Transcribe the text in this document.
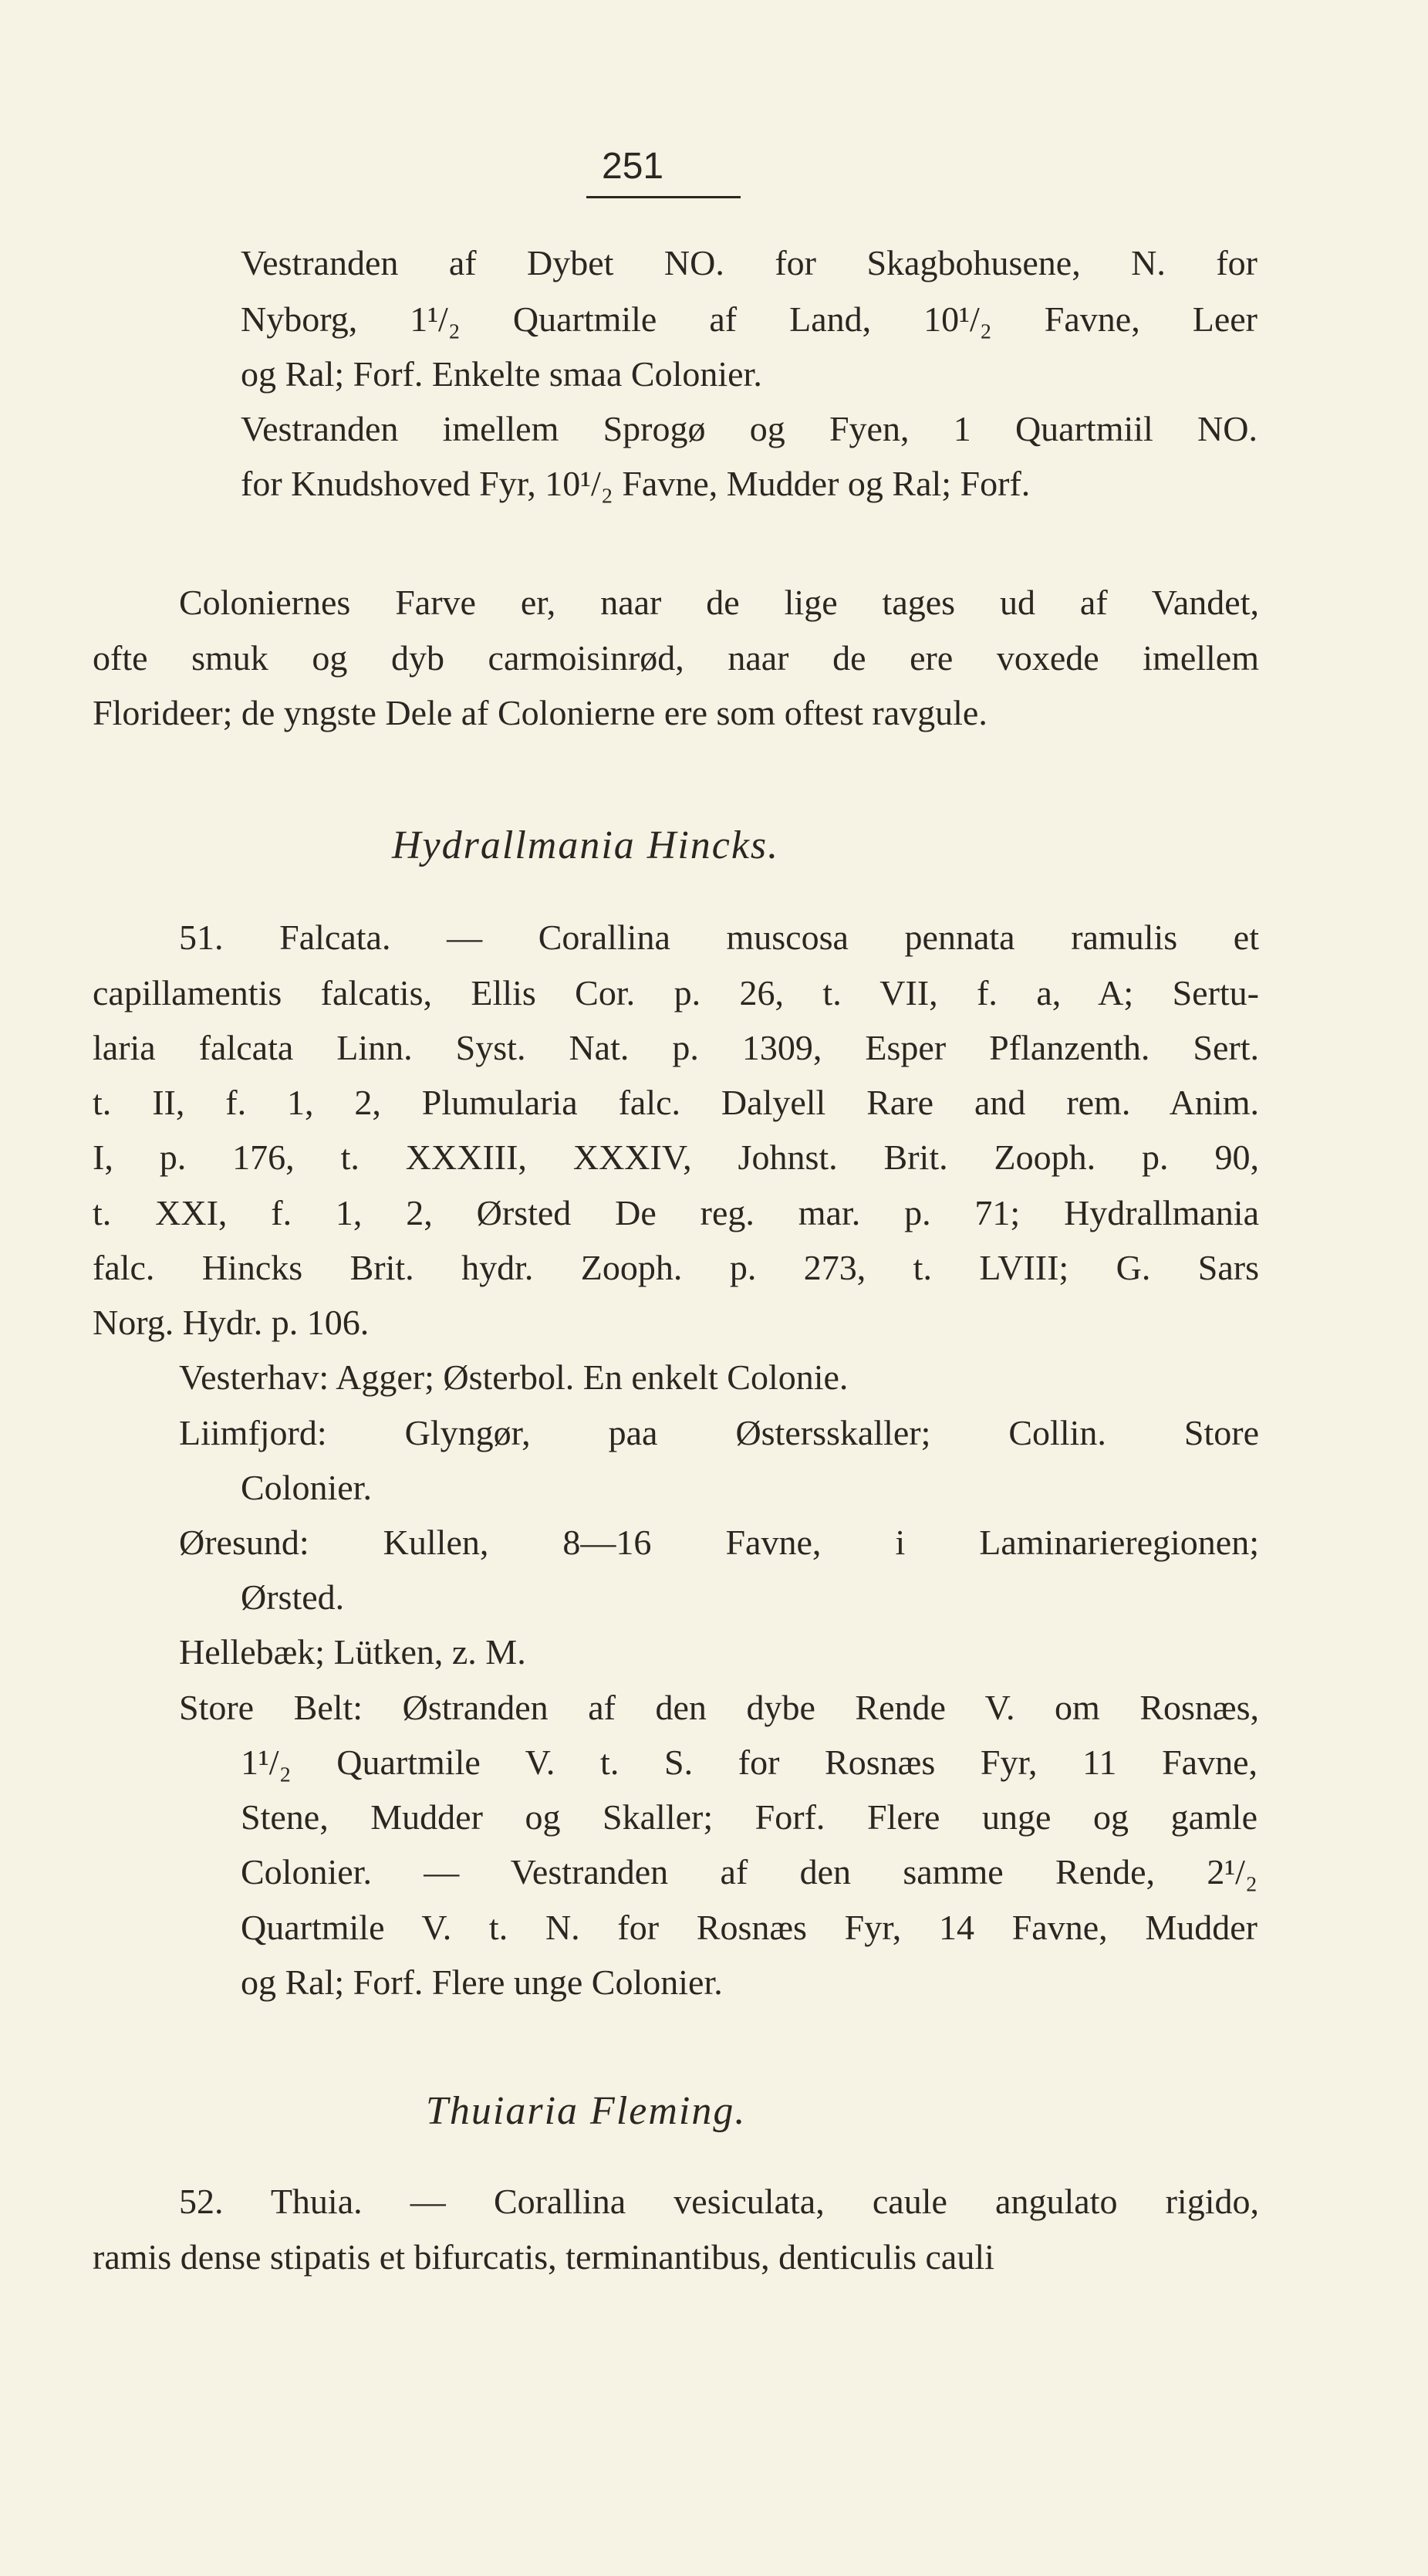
251
Vestranden af Dybet NO. for Skagbohusene, N. for
Nyborg, 1¹/₂ Quartmile af Land, 10¹/₂ Favne, Leer
og Ral; Forf. Enkelte smaa Colonier.
Vestranden imellem Sprogø og Fyen, 1 Quartmiil NO.
for Knudshoved Fyr, 10¹/₂ Favne, Mudder og Ral; Forf.
Coloniernes Farve er, naar de lige tages ud af Vandet,
ofte smuk og dyb carmoisinrød, naar de ere voxede imellem
Florideer; de yngste Dele af Colonierne ere som oftest ravgule.
Hydrallmania Hincks.
51. Falcata. — Corallina muscosa pennata ramulis et
capillamentis falcatis, Ellis Cor. p. 26, t. VII, f. a, A; Sertu-
laria falcata Linn. Syst. Nat. p. 1309, Esper Pflanzenth. Sert.
t. II, f. 1, 2, Plumularia falc. Dalyell Rare and rem. Anim.
I, p. 176, t. XXXIII, XXXIV, Johnst. Brit. Zooph. p. 90,
t. XXI, f. 1, 2, Ørsted De reg. mar. p. 71; Hydrallmania
falc. Hincks Brit. hydr. Zooph. p. 273, t. LVIII; G. Sars
Norg. Hydr. p. 106.
Vesterhav: Agger; Østerbol. En enkelt Colonie.
Liimfjord: Glyngør, paa Østersskaller; Collin. Store
Colonier.
Øresund: Kullen, 8—16 Favne, i Laminarieregionen;
Ørsted.
Hellebæk; Lütken, z. M.
Store Belt: Østranden af den dybe Rende V. om Rosnæs,
1¹/₂ Quartmile V. t. S. for Rosnæs Fyr, 11 Favne,
Stene, Mudder og Skaller; Forf. Flere unge og gamle
Colonier. — Vestranden af den samme Rende, 2¹/₂
Quartmile V. t. N. for Rosnæs Fyr, 14 Favne, Mudder
og Ral; Forf. Flere unge Colonier.
Thuiaria Fleming.
52. Thuia. — Corallina vesiculata, caule angulato rigido,
ramis dense stipatis et bifurcatis, terminantibus, denticulis cauli
